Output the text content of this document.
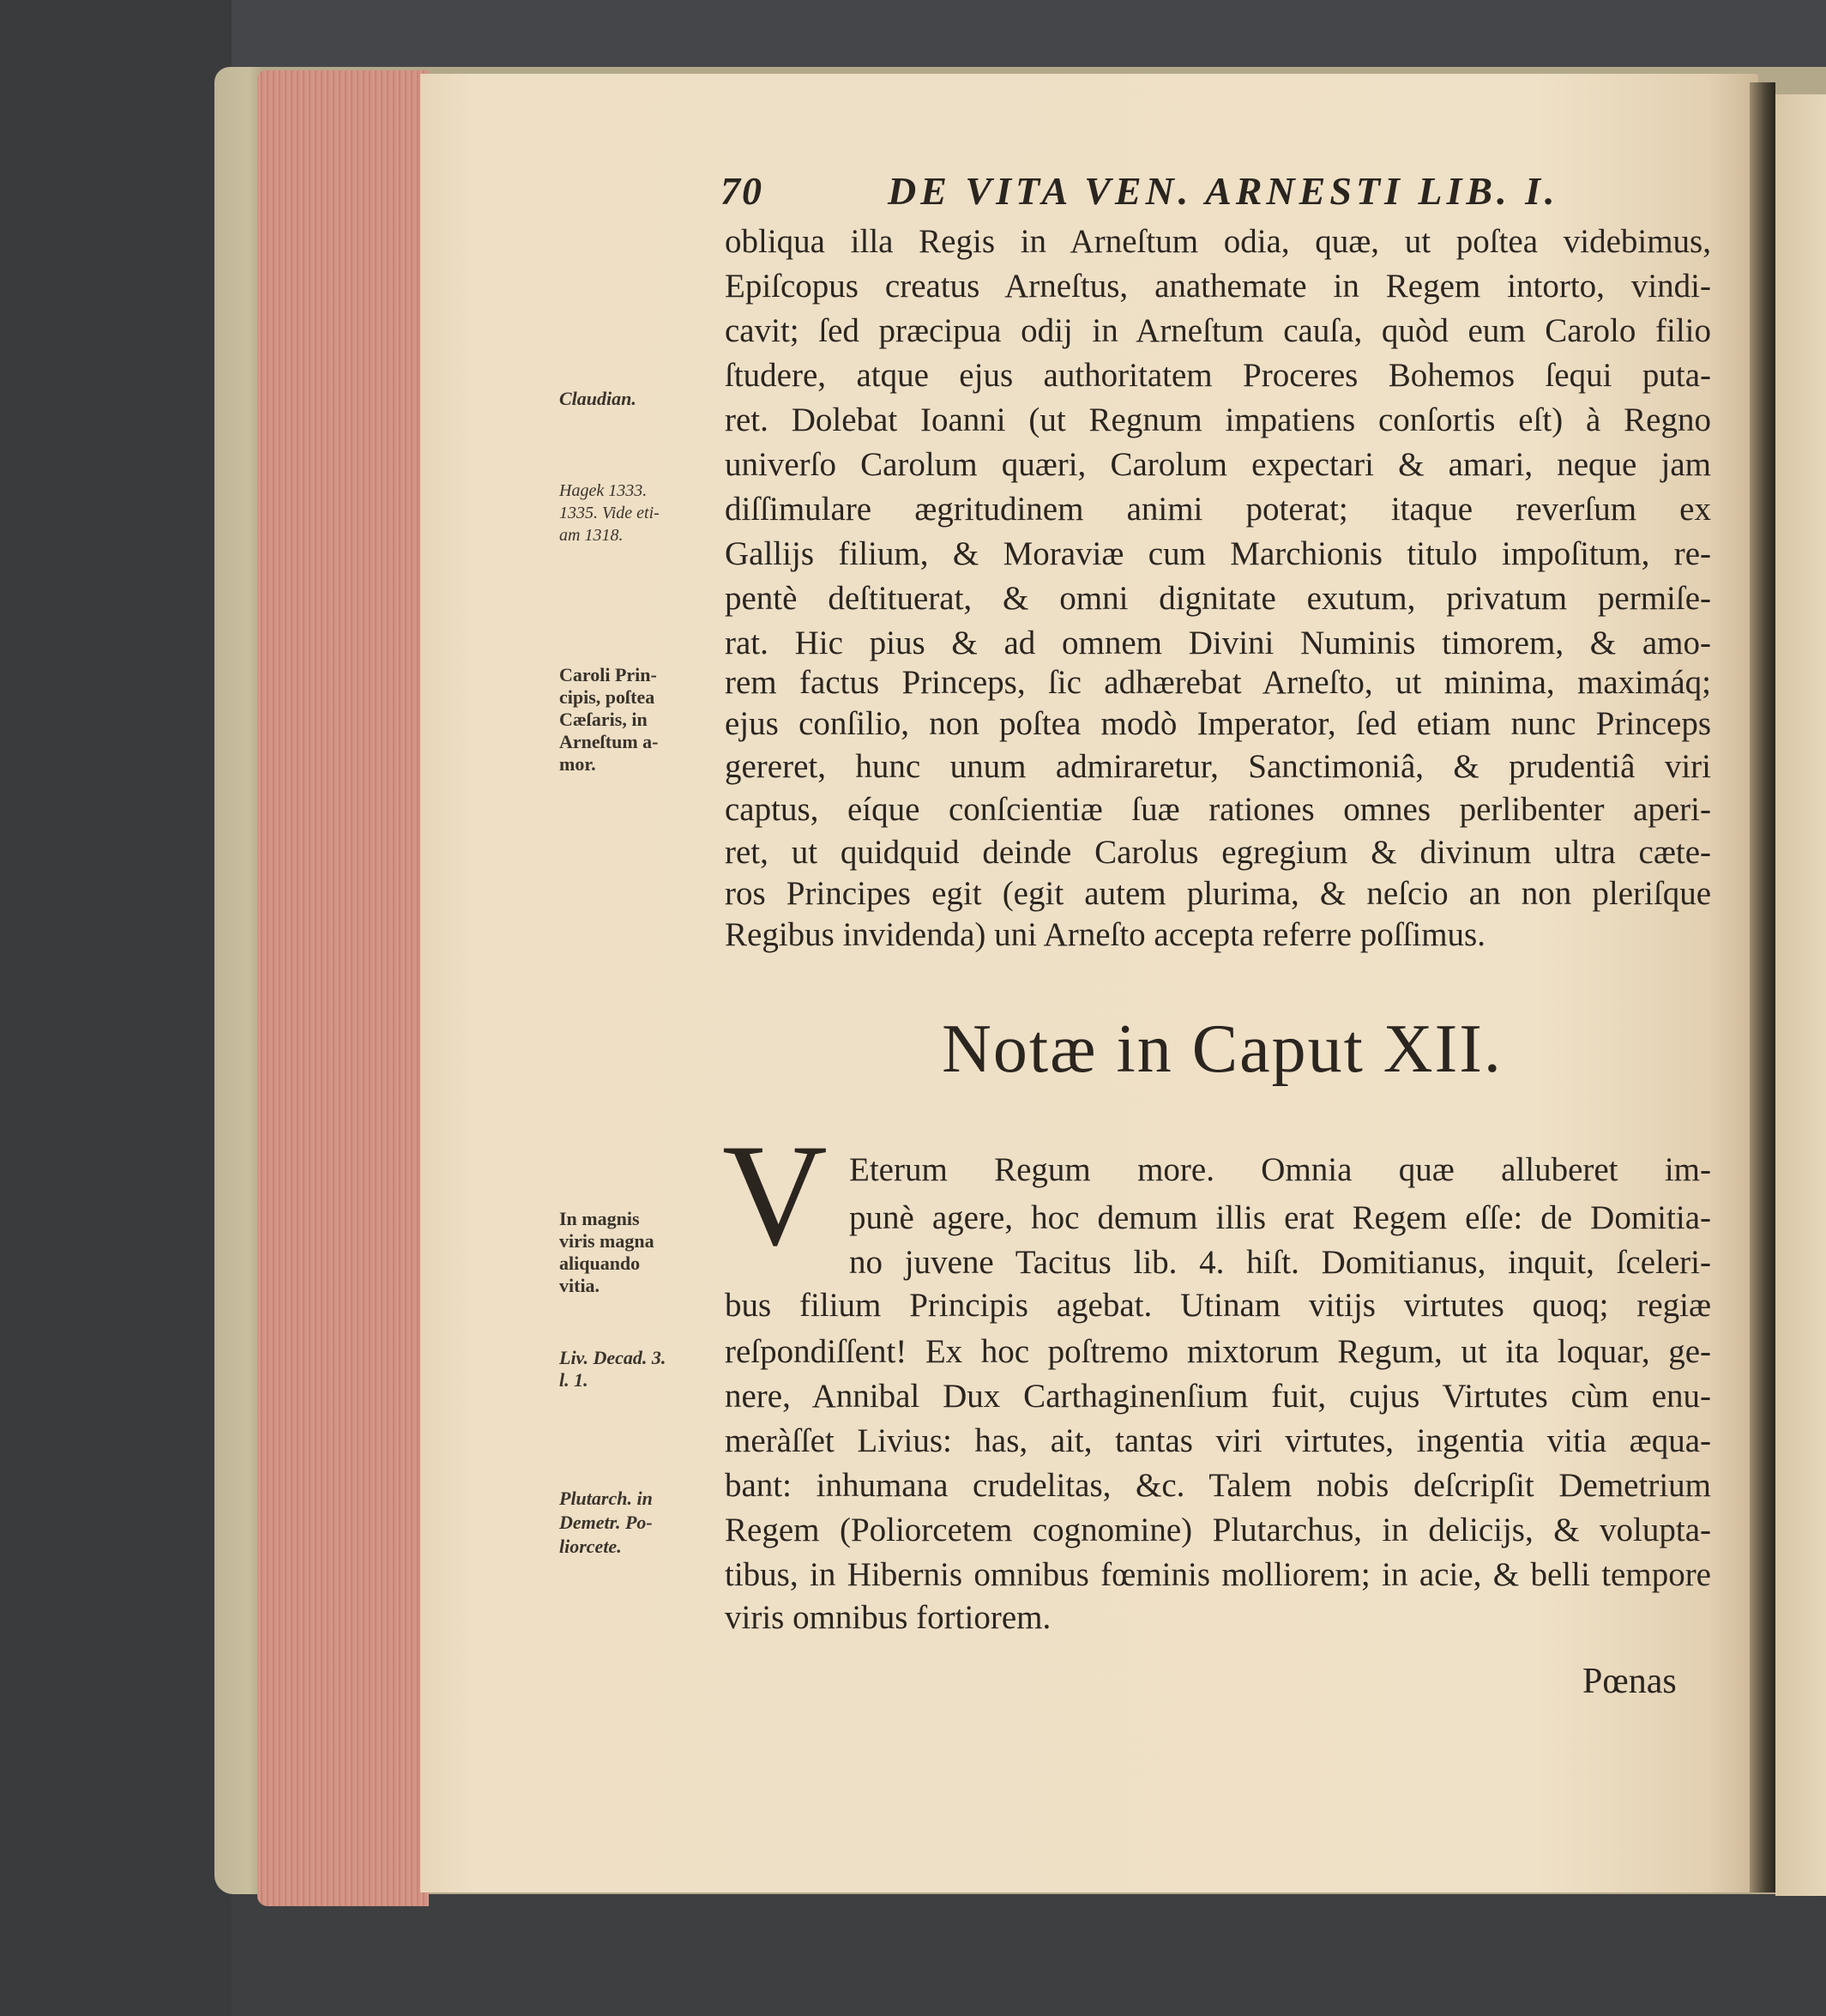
70	DE VITA VEN. ARNESTI LIB. I.
obliqua illa Regis in Arneſtum odia, quæ, ut poſtea videbimus,
Epiſcopus creatus Arneſtus, anathemate in Regem intorto, vindi-
cavit; ſed præcipua odij in Arneſtum cauſa, quòd eum Carolo filio
ſtudere, atque ejus authoritatem Proceres Bohemos ſequi puta-
ret. Dolebat Ioanni (ut Regnum impatiens conſortis eſt) à Regno
univerſo Carolum quæri, Carolum expectari & amari, neque jam
diſſimulare ægritudinem animi poterat; itaque reverſum ex
Gallijs filium, & Moraviæ cum Marchionis titulo impoſitum, re-
pentè deſtituerat, & omni dignitate exutum, privatum permiſe-
rat. Hic pius & ad omnem Divini Numinis timorem, & amo-
rem factus Princeps, ſic adhærebat Arneſto, ut minima, maximáq;
ejus conſilio, non poſtea modò Imperator, ſed etiam nunc Princeps
gereret, hunc unum admiraretur, Sanctimoniâ, & prudentiâ viri
captus, eíque conſcientiæ ſuæ rationes omnes perlibenter aperi-
ret, ut quidquid deinde Carolus egregium & divinum ultra cæte-
ros Principes egit (egit autem plurima, & neſcio an non pleriſque
Regibus invidenda) uni Arneſto accepta referre poſſimus.
Notæ in Caput XII.
V Eterum Regum more. Omnia quæ alluberet im-
punè agere, hoc demum illis erat Regem eſſe: de Domitia-
no juvene Tacitus lib. 4. hiſt. Domitianus, inquit, ſceleri-
bus filium Principis agebat. Utinam vitijs virtutes quoq; regiæ
reſpondiſſent! Ex hoc poſtremo mixtorum Regum, ut ita loquar, ge-
nere, Annibal Dux Carthaginenſium fuit, cujus Virtutes cùm enu-
meràſſet Livius: has, ait, tantas viri virtutes, ingentia vitia æqua-
bant: inhumana crudelitas, &c. Talem nobis deſcripſit Demetrium
Regem (Poliorcetem cognomine) Plutarchus, in delicijs, & volupta-
tibus, in Hibernis omnibus fœminis molliorem; in acie, & belli tempore
viris omnibus fortiorem.
Claudian.
Hagek 1333.
1335. Vide eti-
am 1318.
Caroli Prin-
cipis, poſtea
Cæſaris, in
Arneſtum a-
mor.
In magnis
viris magna
aliquando
vitia.
Liv. Decad. 3.
l. 1.
Plutarch. in
Demetr. Po-
liorcete.
Pœnas
